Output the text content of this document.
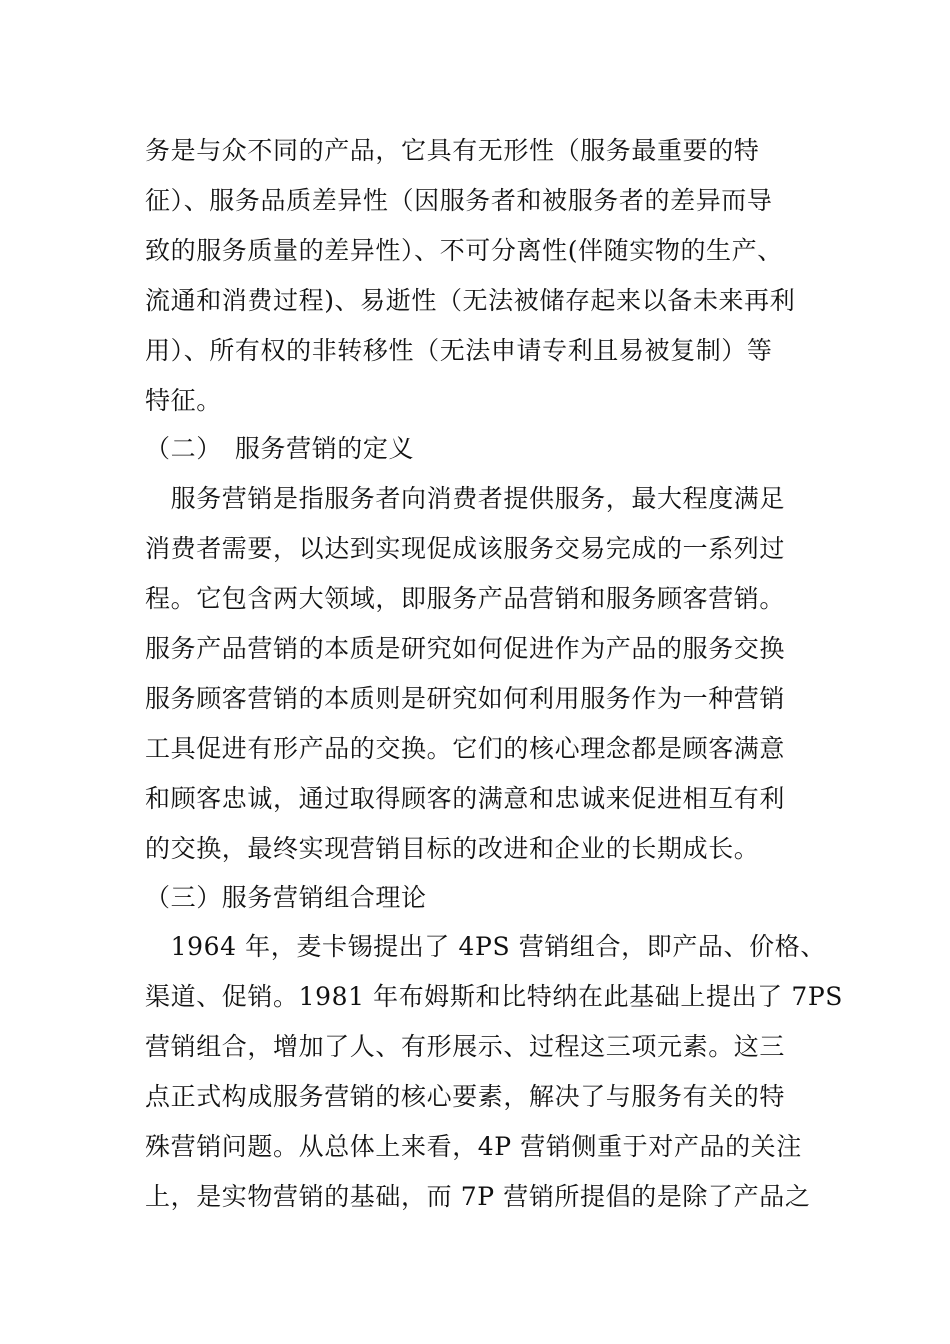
务是与众不同的产品，它具有无形性（服务最重要的特
征）、服务品质差异性（因服务者和被服务者的差异而导
致的服务质量的差异性）、不可分离性(伴随实物的生产、
流通和消费过程)、易逝性（无法被储存起来以备未来再利
用）、所有权的非转移性（无法申请专利且易被复制）等
特征。
（二）　服务营销的定义
　服务营销是指服务者向消费者提供服务，最大程度满足
消费者需要，以达到实现促成该服务交易完成的一系列过
程。它包含两大领域，即服务产品营销和服务顾客营销。
服务产品营销的本质是研究如何促进作为产品的服务交换
服务顾客营销的本质则是研究如何利用服务作为一种营销
工具促进有形产品的交换。它们的核心理念都是顾客满意
和顾客忠诚，通过取得顾客的满意和忠诚来促进相互有利
的交换，最终实现营销目标的改进和企业的长期成长。
（三）服务营销组合理论
　1964 年，麦卡锡提出了 4PS 营销组合，即产品、价格、
渠道、促销。1981 年布姆斯和比特纳在此基础上提出了 7PS
营销组合，增加了人、有形展示、过程这三项元素。这三
点正式构成服务营销的核心要素，解决了与服务有关的特
殊营销问题。从总体上来看，4P 营销侧重于对产品的关注
上，是实物营销的基础，而 7P 营销所提倡的是除了产品之
